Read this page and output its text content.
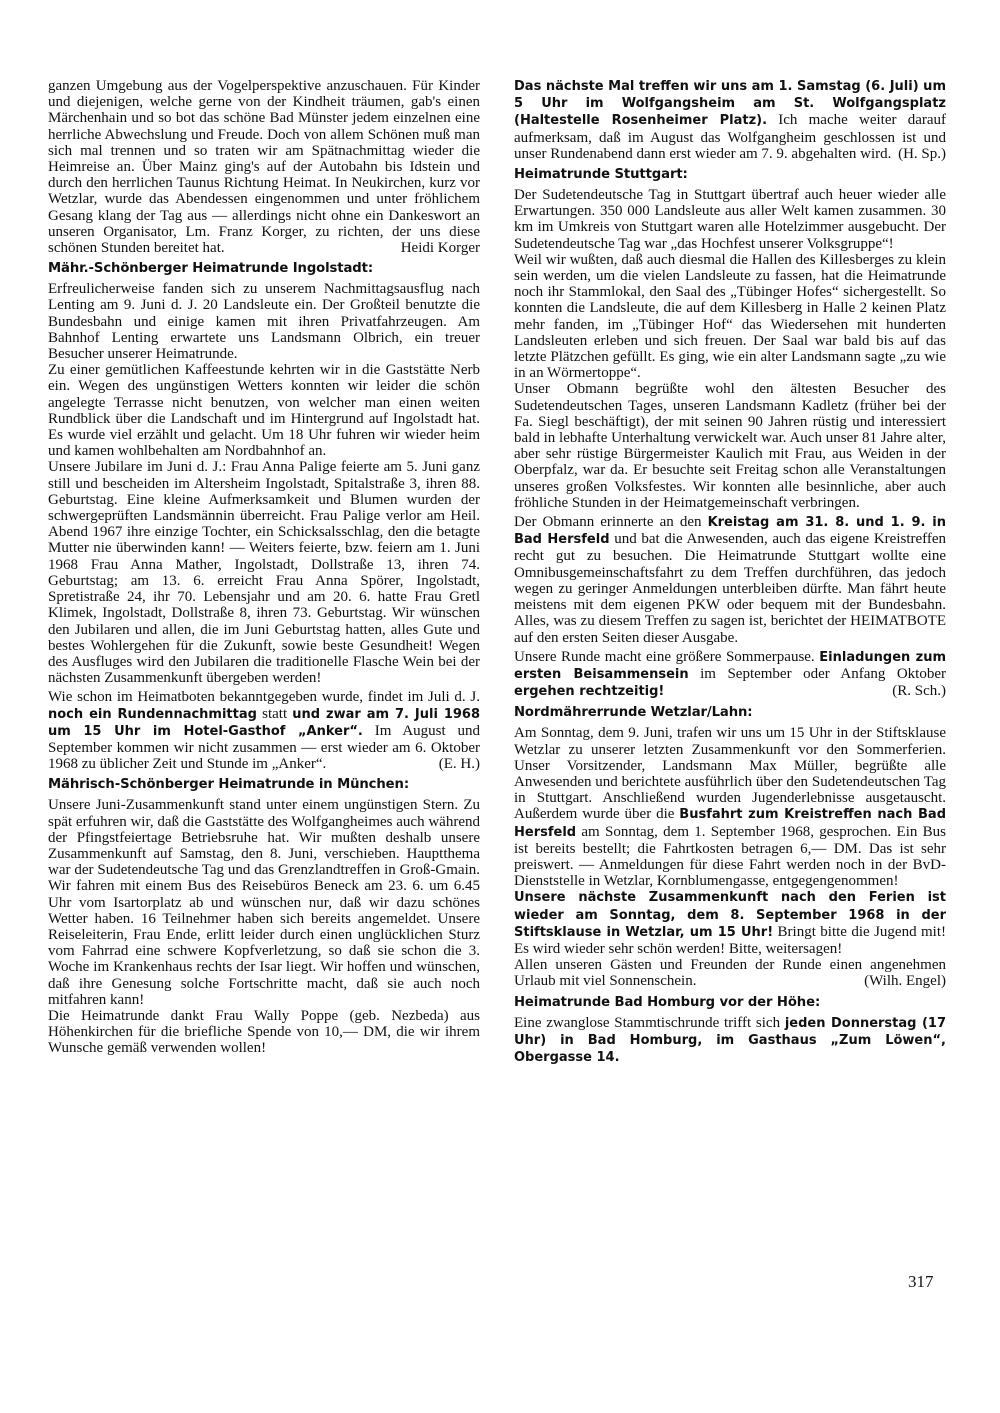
ganzen Umgebung aus der Vogelperspektive anzuschauen. Für Kinder und diejenigen, welche gerne von der Kindheit träumen, gab's einen Märchenhain und so bot das schöne Bad Münster jedem einzelnen eine herrliche Abwechslung und Freude. Doch von allem Schönen muß man sich mal trennen und so traten wir am Spätnachmittag wieder die Heimreise an. Über Mainz ging's auf der Autobahn bis Idstein und durch den herrlichen Taunus Richtung Heimat. In Neukirchen, kurz vor Wetzlar, wurde das Abendessen eingenommen und unter fröhlichem Gesang klang der Tag aus — allerdings nicht ohne ein Dankeswort an unseren Organisator, Lm. Franz Korger, zu richten, der uns diese schönen Stunden bereitet hat.	Heidi Korger

Mähr.-Schönberger Heimatrunde Ingolstadt:

Erfreulicherweise fanden sich zu unserem Nachmittagsausflug nach Lenting am 9. Juni d. J. 20 Landsleute ein. Der Großteil benutzte die Bundesbahn und einige kamen mit ihren Privatfahrzeugen. Am Bahnhof Lenting erwartete uns Landsmann Olbrich, ein treuer Besucher unserer Heimatrunde.

Zu einer gemütlichen Kaffeestunde kehrten wir in die Gaststätte Nerb ein. Wegen des ungünstigen Wetters konnten wir leider die schön angelegte Terrasse nicht benutzen, von welcher man einen weiten Rundblick über die Landschaft und im Hintergrund auf Ingolstadt hat. Es wurde viel erzählt und gelacht. Um 18 Uhr fuhren wir wieder heim und kamen wohlbehalten am Nordbahnhof an.

Unsere Jubilare im Juni d. J.: Frau Anna Palige feierte am 5. Juni ganz still und bescheiden im Altersheim Ingolstadt, Spitalstraße 3, ihren 88. Geburtstag. Eine kleine Aufmerksamkeit und Blumen wurden der schwergeprüften Landsmännin überreicht. Frau Palige verlor am Heil. Abend 1967 ihre einzige Tochter, ein Schicksalsschlag, den die betagte Mutter nie überwinden kann! — Weiters feierte, bzw. feiern am 1. Juni 1968 Frau Anna Mather, Ingolstadt, Dollstraße 13, ihren 74. Geburtstag; am 13. 6. erreicht Frau Anna Spörer, Ingolstadt, Spretistraße 24, ihr 70. Lebensjahr und am 20. 6. hatte Frau Gretl Klimek, Ingolstadt, Dollstraße 8, ihren 73. Geburtstag. Wir wünschen den Jubilaren und allen, die im Juni Geburtstag hatten, alles Gute und bestes Wohlergehen für die Zukunft, sowie beste Gesundheit! Wegen des Ausfluges wird den Jubilaren die traditionelle Flasche Wein bei der nächsten Zusammenkunft übergeben werden!

Wie schon im Heimatboten bekanntgegeben wurde, findet im Juli d. J. noch ein Rundennachmittag statt und zwar am 7. Juli 1968 um 15 Uhr im Hotel-Gasthof „Anker“. Im August und September kommen wir nicht zusammen — erst wieder am 6. Oktober 1968 zu üblicher Zeit und Stunde im „Anker“.	(E. H.)

Mährisch-Schönberger Heimatrunde in München:

Unsere Juni-Zusammenkunft stand unter einem ungünstigen Stern. Zu spät erfuhren wir, daß die Gaststätte des Wolfgangheimes auch während der Pfingstfeiertage Betriebsruhe hat. Wir mußten deshalb unsere Zusammenkunft auf Samstag, den 8. Juni, verschieben. Hauptthema war der Sudetendeutsche Tag und das Grenzlandtreffen in Groß-Gmain. Wir fahren mit einem Bus des Reisebüros Beneck am 23. 6. um 6.45 Uhr vom Isartorplatz ab und wünschen nur, daß wir dazu schönes Wetter haben. 16 Teilnehmer haben sich bereits angemeldet. Unsere Reiseleiterin, Frau Ende, erlitt leider durch einen unglücklichen Sturz vom Fahrrad eine schwere Kopfverletzung, so daß sie schon die 3. Woche im Krankenhaus rechts der Isar liegt. Wir hoffen und wünschen, daß ihre Genesung solche Fortschritte macht, daß sie auch noch mitfahren kann!

Die Heimatrunde dankt Frau Wally Poppe (geb. Nezbeda) aus Höhenkirchen für die briefliche Spende von 10,— DM, die wir ihrem Wunsche gemäß verwenden wollen!

Das nächste Mal treffen wir uns am 1. Samstag (6. Juli) um 5 Uhr im Wolfgangsheim am St. Wolfgangsplatz (Haltestelle Rosenheimer Platz). Ich mache weiter darauf aufmerksam, daß im August das Wolfgangheim geschlossen ist und unser Rundenabend dann erst wieder am 7. 9. abgehalten wird. (H. Sp.)

Heimatrunde Stuttgart:

Der Sudetendeutsche Tag in Stuttgart übertraf auch heuer wieder alle Erwartungen. 350 000 Landsleute aus aller Welt kamen zusammen. 30 km im Umkreis von Stuttgart waren alle Hotelzimmer ausgebucht. Der Sudetendeutsche Tag war „das Hochfest unserer Volksgruppe“!

Weil wir wußten, daß auch diesmal die Hallen des Killesberges zu klein sein werden, um die vielen Landsleute zu fassen, hat die Heimatrunde noch ihr Stammlokal, den Saal des „Tübinger Hofes“ sichergestellt. So konnten die Landsleute, die auf dem Killesberg in Halle 2 keinen Platz mehr fanden, im „Tübinger Hof“ das Wiedersehen mit hunderten Landsleuten erleben und sich freuen. Der Saal war bald bis auf das letzte Plätzchen gefüllt. Es ging, wie ein alter Landsmann sagte „zu wie in an Wörmertoppe“.

Unser Obmann begrüßte wohl den ältesten Besucher des Sudetendeutschen Tages, unseren Landsmann Kadletz (früher bei der Fa. Siegl beschäftigt), der mit seinen 90 Jahren rüstig und interessiert bald in lebhafte Unterhaltung verwickelt war. Auch unser 81 Jahre alter, aber sehr rüstige Bürgermeister Kaulich mit Frau, aus Weiden in der Oberpfalz, war da. Er besuchte seit Freitag schon alle Veranstaltungen unseres großen Volksfestes. Wir konnten alle besinnliche, aber auch fröhliche Stunden in der Heimatgemeinschaft verbringen.

Der Obmann erinnerte an den Kreistag am 31. 8. und 1. 9. in Bad Hersfeld und bat die Anwesenden, auch das eigene Kreistreffen recht gut zu besuchen. Die Heimatrunde Stuttgart wollte eine Omnibusgemeinschaftsfahrt zu dem Treffen durchführen, das jedoch wegen zu geringer Anmeldungen unterbleiben dürfte. Man fährt heute meistens mit dem eigenen PKW oder bequem mit der Bundesbahn. Alles, was zu diesem Treffen zu sagen ist, berichtet der HEIMATBOTE auf den ersten Seiten dieser Ausgabe.

Unsere Runde macht eine größere Sommerpause. Einladungen zum ersten Beisammensein im September oder Anfang Oktober ergehen rechtzeitig!	(R. Sch.)

Nordmährerrunde Wetzlar/Lahn:

Am Sonntag, dem 9. Juni, trafen wir uns um 15 Uhr in der Stiftsklause Wetzlar zu unserer letzten Zusammenkunft vor den Sommerferien. Unser Vorsitzender, Landsmann Max Müller, begrüßte alle Anwesenden und berichtete ausführlich über den Sudetendeutschen Tag in Stuttgart. Anschließend wurden Jugenderlebnisse ausgetauscht. Außerdem wurde über die Busfahrt zum Kreistreffen nach Bad Hersfeld am Sonntag, dem 1. September 1968, gesprochen. Ein Bus ist bereits bestellt; die Fahrtkosten betragen 6,— DM. Das ist sehr preiswert. — Anmeldungen für diese Fahrt werden noch in der BvD-Dienststelle in Wetzlar, Kornblumengasse, entgegengenommen!

Unsere nächste Zusammenkunft nach den Ferien ist wieder am Sonntag, dem 8. September 1968 in der Stiftsklause in Wetzlar, um 15 Uhr! Bringt bitte die Jugend mit! Es wird wieder sehr schön werden! Bitte, weitersagen!

Allen unseren Gästen und Freunden der Runde einen angenehmen Urlaub mit viel Sonnenschein.	(Wilh. Engel)

Heimatrunde Bad Homburg vor der Höhe:

Eine zwanglose Stammtischrunde trifft sich jeden Donnerstag (17 Uhr) in Bad Homburg, im Gasthaus „Zum Löwen“, Obergasse 14.

317
